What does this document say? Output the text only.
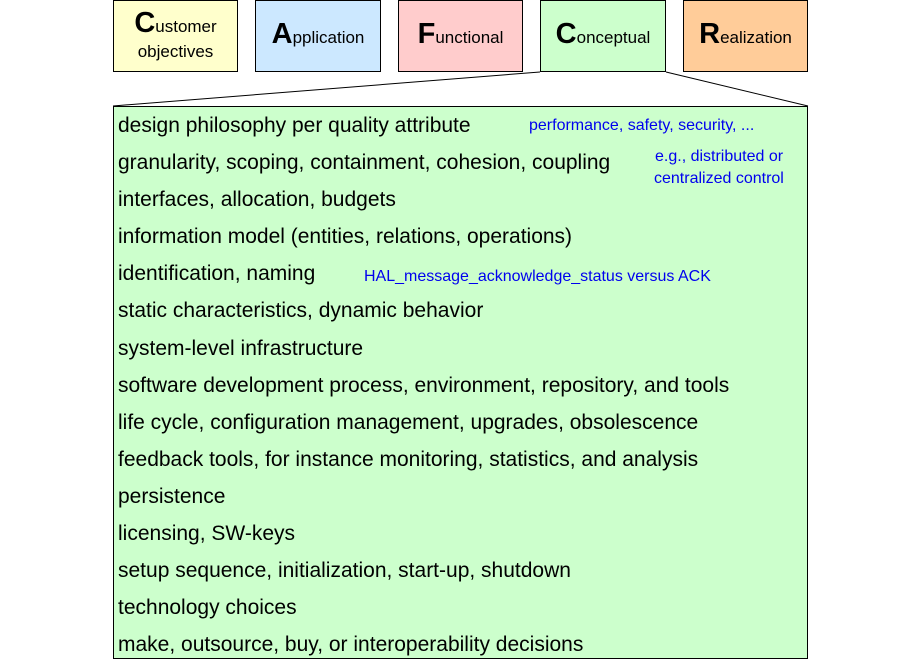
Customer
objectives
Application Functional Conceptual Realization
design philosophy per quality attribute
granularity, scoping, containment, cohesion, coupling
interfaces, allocation, budgets
information model (entities, relations, operations)
identification, naming
static characteristics, dynamic behavior
system-level infrastructure
software development process, environment, repository, and tools
life cycle, configuration management, upgrades, obsolescence
feedback tools, for instance monitoring, statistics, and analysis
persistence
licensing, SW-keys
setup sequence, initialization, start-up, shutdown
technology choices
make, outsource, buy, or interoperability decisions
performance, safety, security, ...
e.g., distributed or
centralized control
HAL_message_acknowledge_status versus ACK
